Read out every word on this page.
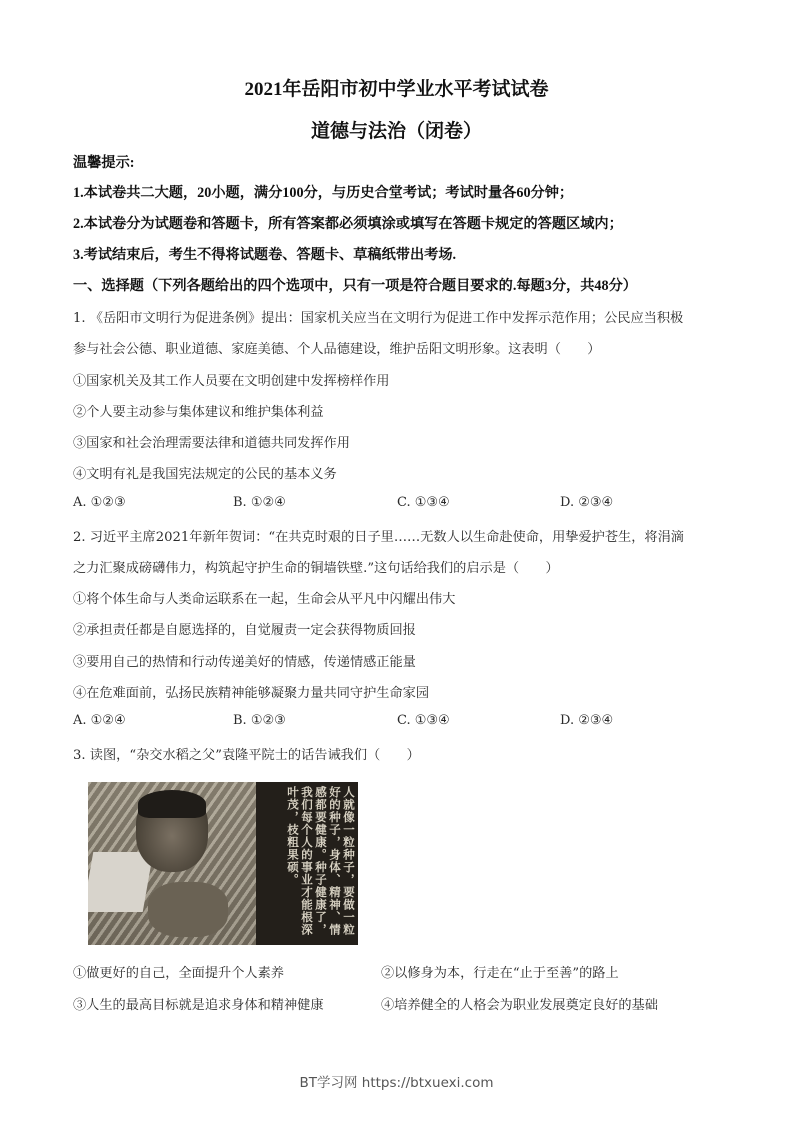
2021年岳阳市初中学业水平考试试卷
道德与法治（闭卷）
温馨提示:
1.本试卷共二大题，20小题，满分100分，与历史合堂考试；考试时量各60分钟；
2.本试卷分为试题卷和答题卡，所有答案都必须填涂或填写在答题卡规定的答题区域内；
3.考试结束后，考生不得将试题卷、答题卡、草稿纸带出考场.
一、选择题（下列各题给出的四个选项中，只有一项是符合题目要求的.每题3分，共48分）
1. 《岳阳市文明行为促进条例》提出：国家机关应当在文明行为促进工作中发挥示范作用；公民应当积极
参与社会公德、职业道德、家庭美德、个人品德建设，维护岳阳文明形象。这表明（　　）
①国家机关及其工作人员要在文明创建中发挥榜样作用
②个人要主动参与集体建议和维护集体利益
③国家和社会治理需要法律和道德共同发挥作用
④文明有礼是我国宪法规定的公民的基本义务
A. ①②③	B. ①②④	C. ①③④	D. ②③④
2. 习近平主席2021年新年贺词：“在共克时艰的日子里……无数人以生命赴使命，用挚爱护苍生，将涓滴
之力汇聚成磅礴伟力，构筑起守护生命的铜墙铁壁.”这句话给我们的启示是（　　）
①将个体生命与人类命运联系在一起，生命会从平凡中闪耀出伟大
②承担责任都是自愿选择的，自觉履责一定会获得物质回报
③要用自己的热情和行动传递美好的情感，传递情感正能量
④在危难面前，弘扬民族精神能够凝聚力量共同守护生命家园
A. ①②④	B. ①②③	C. ①③④	D. ②③④
3. 读图，“杂交水稻之父”袁隆平院士的话告诫我们（　　）
人就像一粒种子，要做一粒好的种子，身体、精神、情感都要健康。种子健康了，我们每个人的事业才能根深叶茂，枝粗果硕。
①做更好的自己，全面提升个人素养	②以修身为本，行走在“止于至善”的路上
③人生的最高目标就是追求身体和精神健康	④培养健全的人格会为职业发展奠定良好的基础
BT学习网 https://btxuexi.com
